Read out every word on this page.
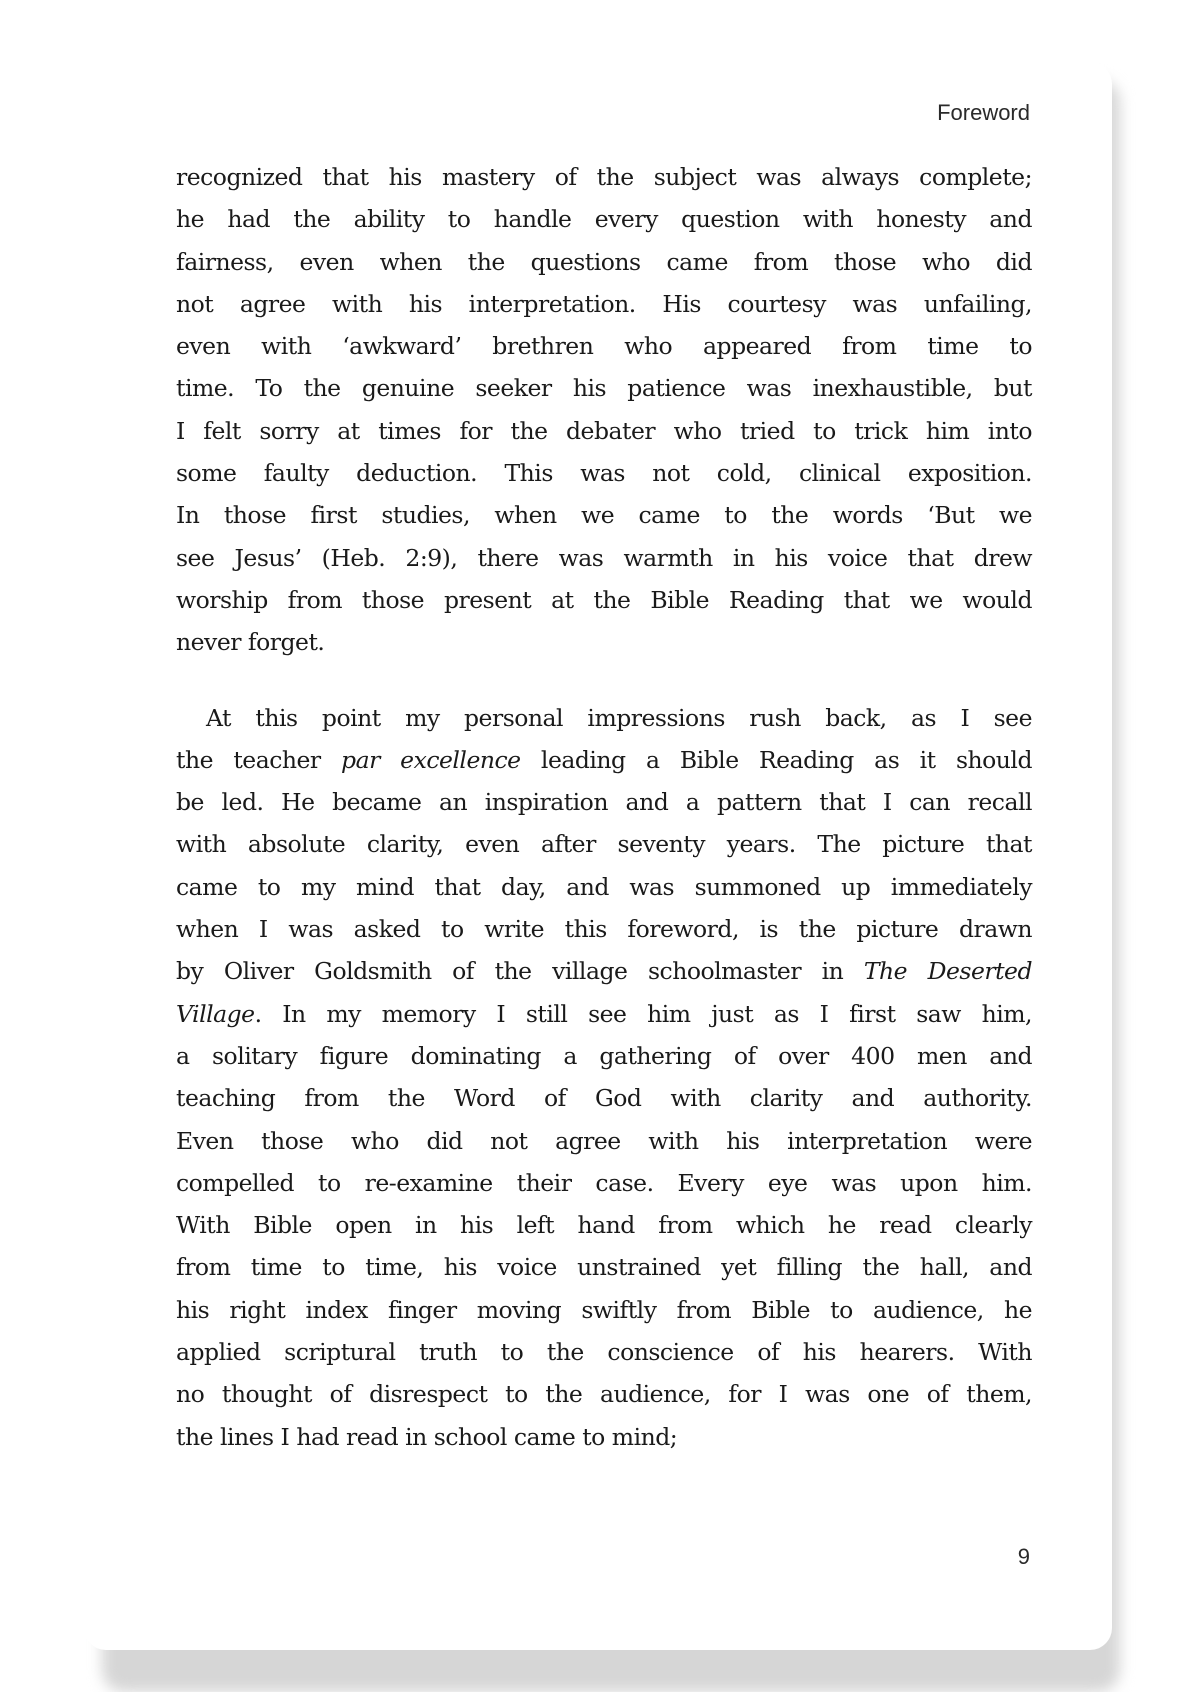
Foreword

recognized that his mastery of the subject was always complete;
he had the ability to handle every question with honesty and
fairness, even when the questions came from those who did
not agree with his interpretation. His courtesy was unfailing,
even with ‘awkward’ brethren who appeared from time to
time. To the genuine seeker his patience was inexhaustible, but
I felt sorry at times for the debater who tried to trick him into
some faulty deduction. This was not cold, clinical exposition.
In those first studies, when we came to the words ‘But we
see Jesus’ (Heb. 2:9), there was warmth in his voice that drew
worship from those present at the Bible Reading that we would
never forget.

At this point my personal impressions rush back, as I see
the teacher par excellence leading a Bible Reading as it should
be led. He became an inspiration and a pattern that I can recall
with absolute clarity, even after seventy years. The picture that
came to my mind that day, and was summoned up immediately
when I was asked to write this foreword, is the picture drawn
by Oliver Goldsmith of the village schoolmaster in The Deserted
Village. In my memory I still see him just as I first saw him,
a solitary figure dominating a gathering of over 400 men and
teaching from the Word of God with clarity and authority.
Even those who did not agree with his interpretation were
compelled to re-examine their case. Every eye was upon him.
With Bible open in his left hand from which he read clearly
from time to time, his voice unstrained yet filling the hall, and
his right index finger moving swiftly from Bible to audience, he
applied scriptural truth to the conscience of his hearers. With
no thought of disrespect to the audience, for I was one of them,
the lines I had read in school came to mind;

9
